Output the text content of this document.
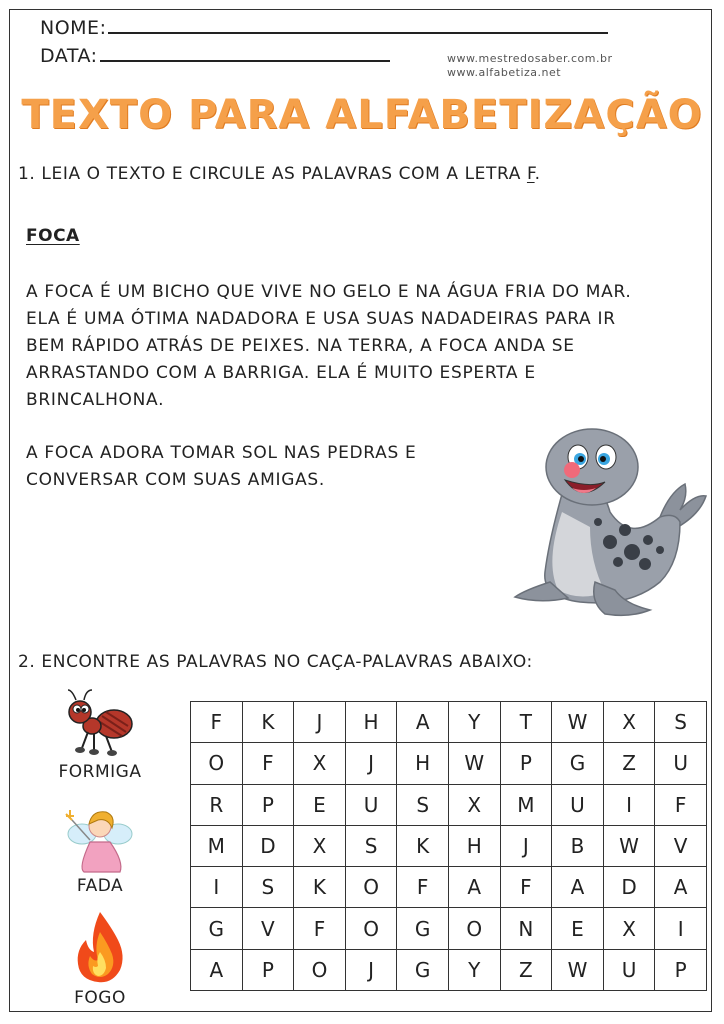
NOME:
DATA:	www.mestredosaber.com.br
www.alfabetiza.net
TEXTO PARA ALFABETIZAÇÃO
1. LEIA O TEXTO E CIRCULE AS PALAVRAS COM A LETRA F.
FOCA
A FOCA É UM BICHO QUE VIVE NO GELO E NA ÁGUA FRIA DO MAR.
ELA É UMA ÓTIMA NADADORA E USA SUAS NADADEIRAS PARA IR
BEM RÁPIDO ATRÁS DE PEIXES. NA TERRA, A FOCA ANDA SE
ARRASTANDO COM A BARRIGA. ELA É MUITO ESPERTA E
BRINCALHONA.
A FOCA ADORA TOMAR SOL NAS PEDRAS E
CONVERSAR COM SUAS AMIGAS.
2. ENCONTRE AS PALAVRAS NO CAÇA-PALAVRAS ABAIXO:
FORMIGA
FADA
FOGO
F	K	J	H	A	Y	T	W	X	S
O	F	X	J	H	W	P	G	Z	U
R	P	E	U	S	X	M	U	I	F
M	D	X	S	K	H	J	B	W	V
I	S	K	O	F	A	F	A	D	A
G	V	F	O	G	O	N	E	X	I
A	P	O	J	G	Y	Z	W	U	P
